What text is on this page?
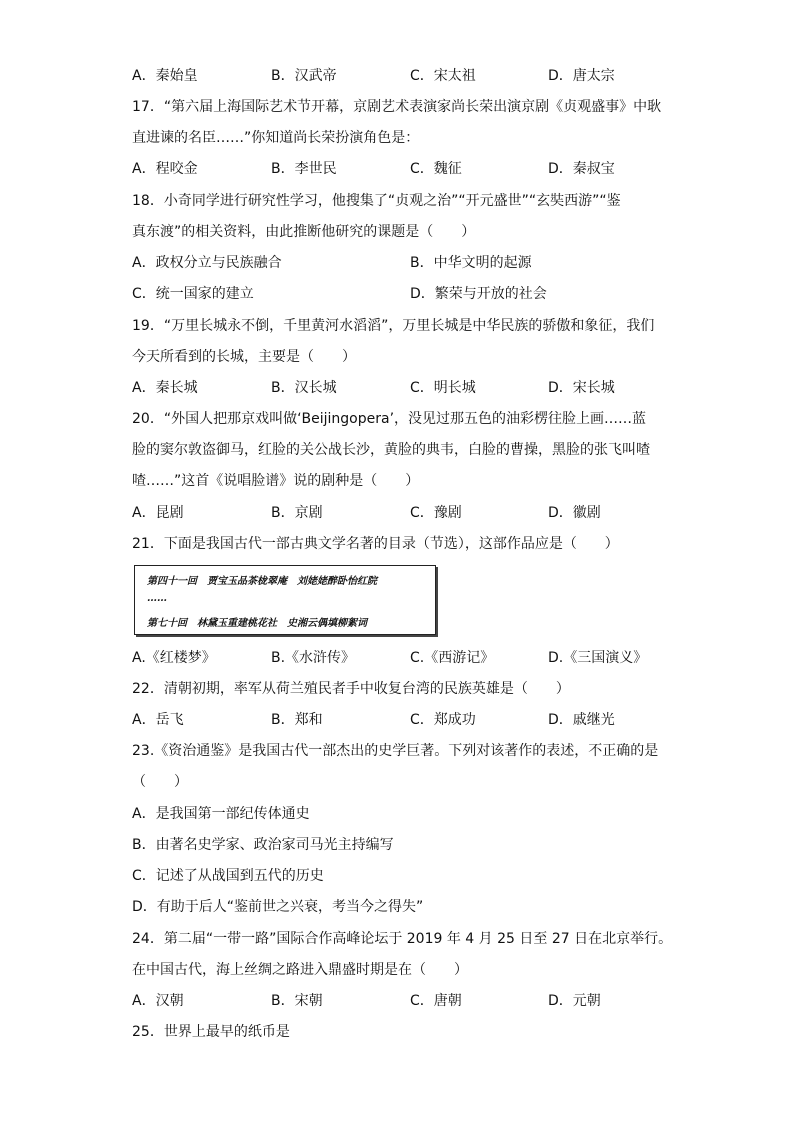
A．秦始皇	B．汉武帝	C．宋太祖	D．唐太宗
17．“第六届上海国际艺术节开幕，京剧艺术表演家尚长荣出演京剧《贞观盛事》中耿
直进谏的名臣……”你知道尚长荣扮演角色是：
A．程咬金	B．李世民	C．魏征	D．秦叔宝
18．小奇同学进行研究性学习，他搜集了“贞观之治”“开元盛世”“玄奘西游”“鉴
真东渡”的相关资料，由此推断他研究的课题是（　　）
A．政权分立与民族融合	B．中华文明的起源
C．统一国家的建立	D．繁荣与开放的社会
19．“万里长城永不倒，千里黄河水滔滔”，万里长城是中华民族的骄傲和象征，我们
今天所看到的长城，主要是（　　）
A．秦长城	B．汉长城	C．明长城	D．宋长城
20．“外国人把那京戏叫做‘Beijingopera’，没见过那五色的油彩楞往脸上画……蓝
脸的窦尔敦盗御马，红脸的关公战长沙，黄脸的典韦，白脸的曹操，黑脸的张飞叫喳
喳……”这首《说唱脸谱》说的剧种是（　　）
A．昆剧	B．京剧	C．豫剧	D．徽剧
21．下面是我国古代一部古典文学名著的目录（节选），这部作品应是（　　）
第四十一回　贾宝玉品茶栊翠庵　刘姥姥醉卧怡红院
……
第七十回　林黛玉重建桃花社　史湘云偶填柳絮词
A.《红楼梦》	B.《水浒传》	C.《西游记》	D.《三国演义》
22．清朝初期，率军从荷兰殖民者手中收复台湾的民族英雄是（　　）
A．岳飞	B．郑和	C．郑成功	D．戚继光
23.《资治通鉴》是我国古代一部杰出的史学巨著。下列对该著作的表述，不正确的是
（　　）
A．是我国第一部纪传体通史
B．由著名史学家、政治家司马光主持编写
C．记述了从战国到五代的历史
D．有助于后人“鉴前世之兴衰，考当今之得失”
24．第二届“一带一路”国际合作高峰论坛于 2019 年 4 月 25 日至 27 日在北京举行。
在中国古代，海上丝绸之路进入鼎盛时期是在（　　）
A．汉朝	B．宋朝	C．唐朝	D．元朝
25．世界上最早的纸币是
